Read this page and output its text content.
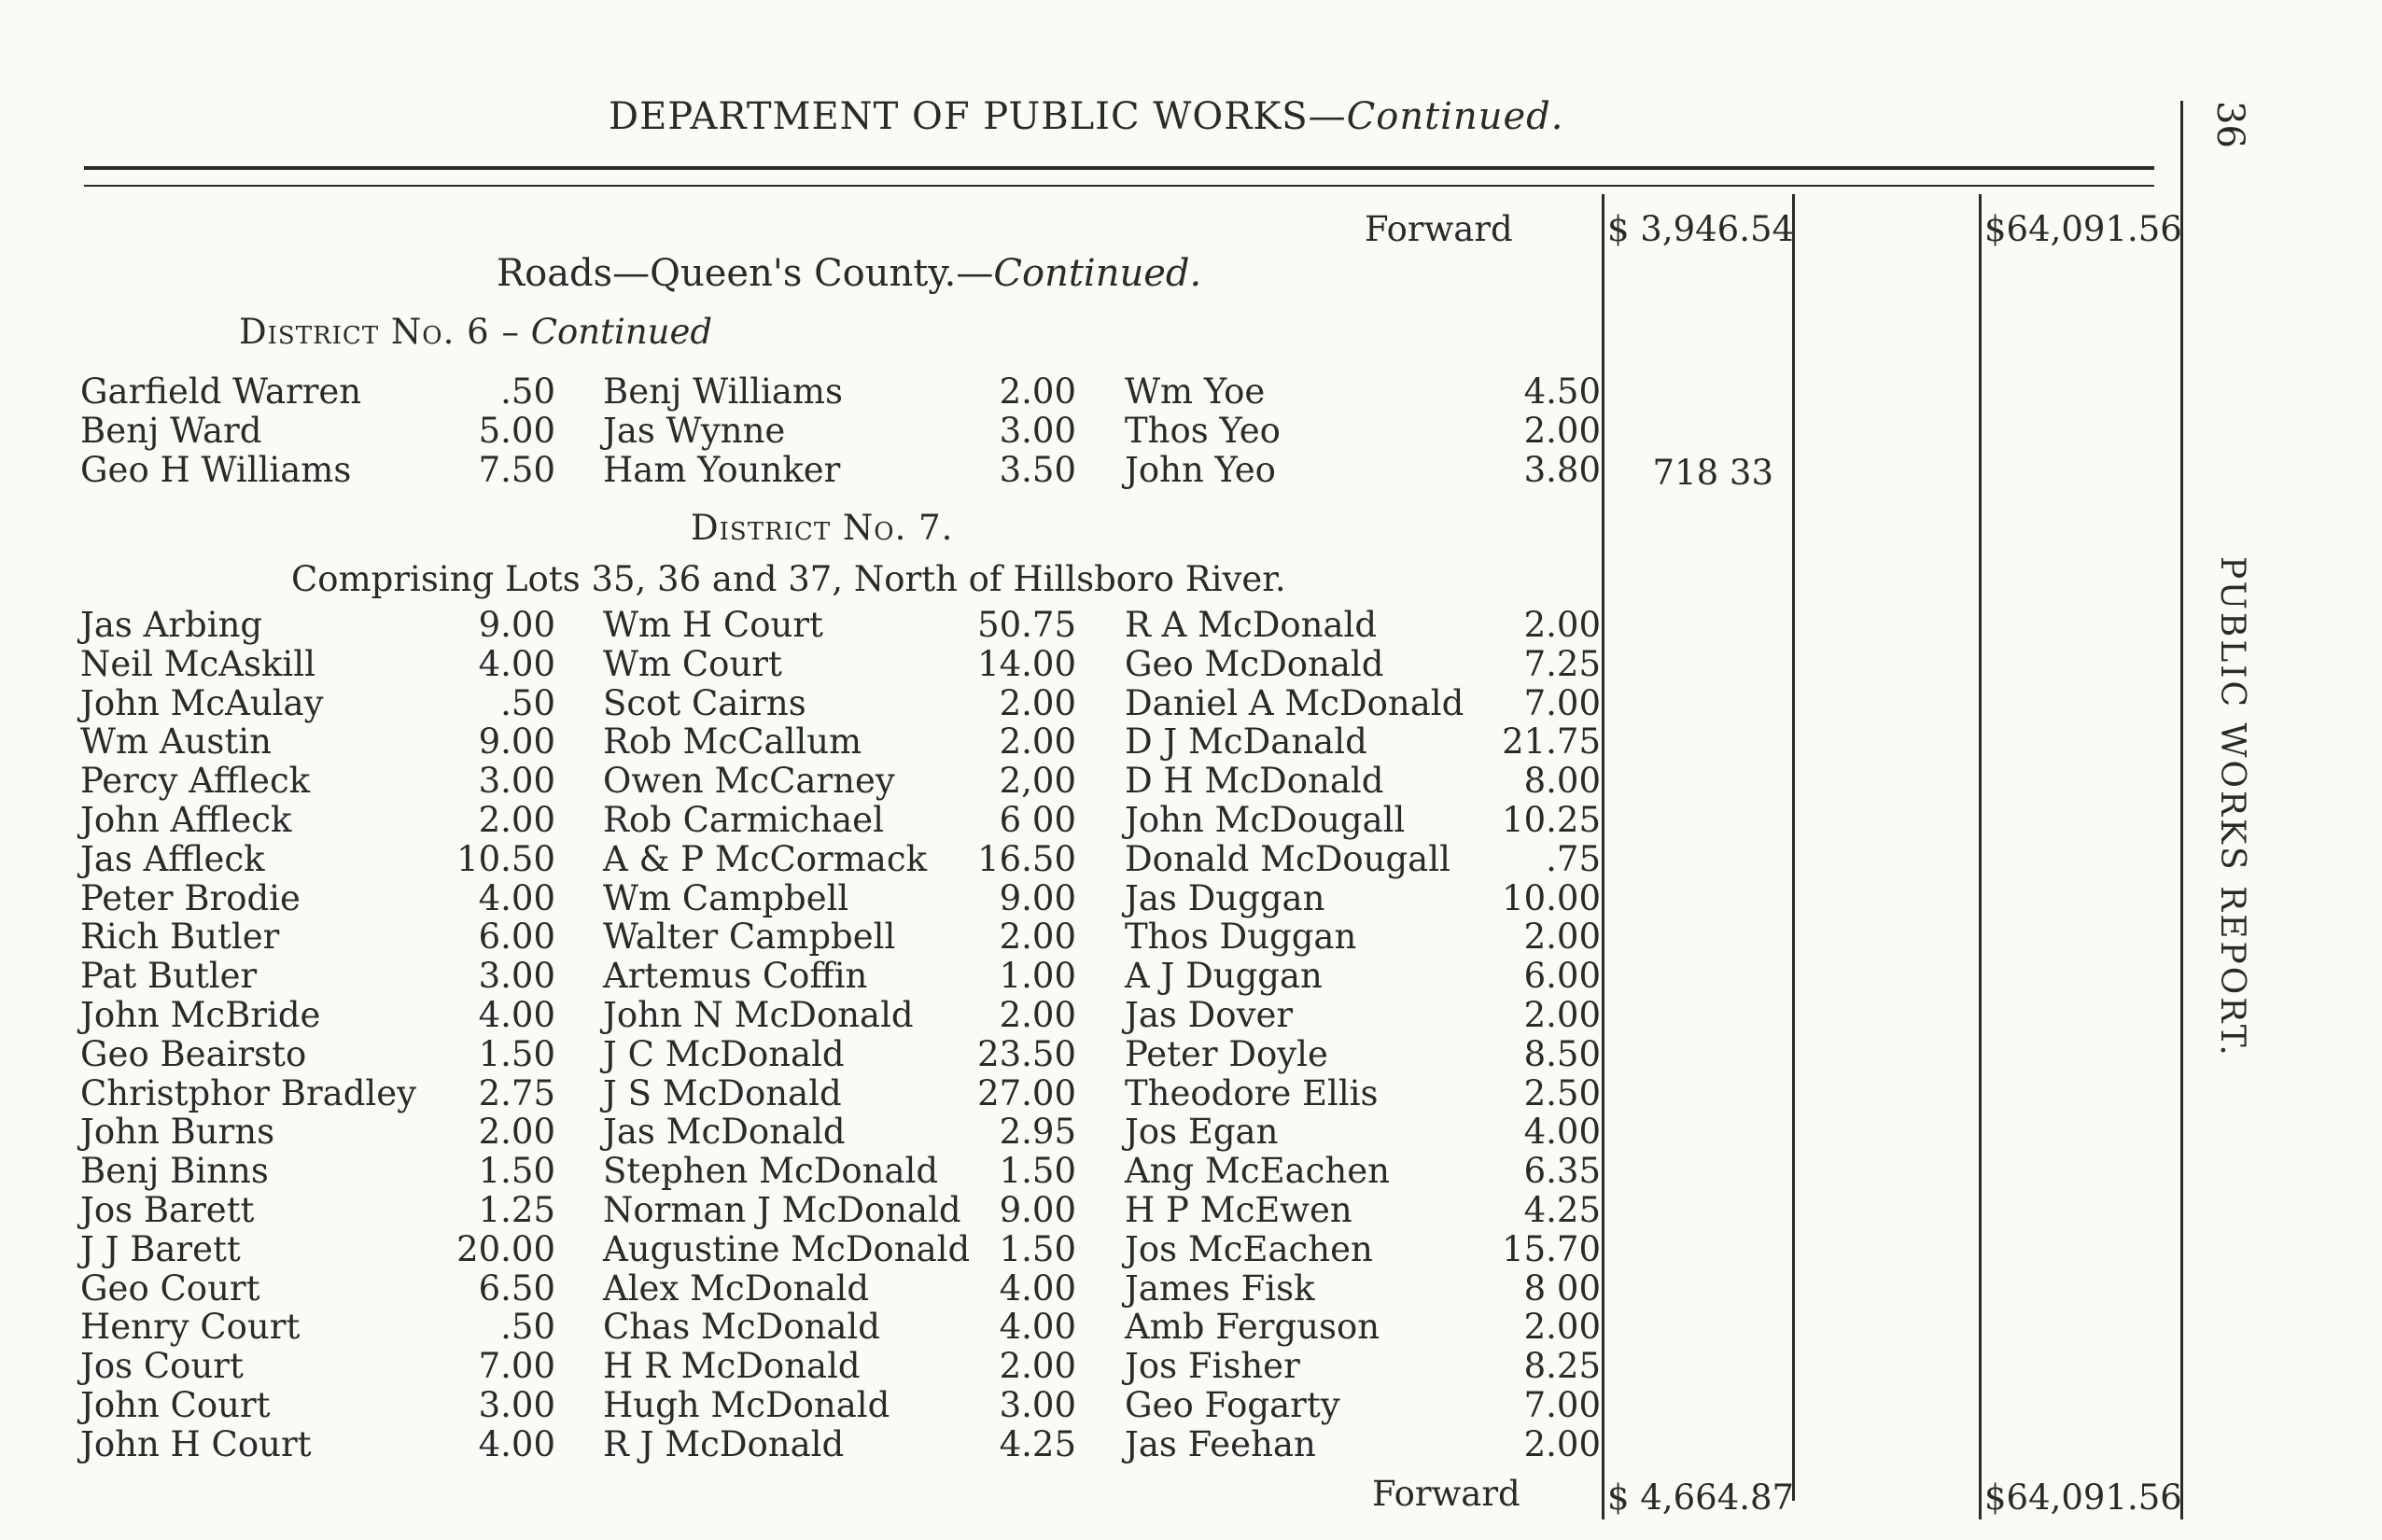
DEPARTMENT OF PUBLIC WORKS—Continued.	36
PUBLIC WORKS REPORT.
Forward	$ 3,946.54	$64,091.56
Roads—Queen's County.—Continued.
District No. 6 – Continued
Garfield Warren	.50 Benj Williams	2.00 Wm Yoe	4.50
Benj Ward	5.00 Jas Wynne	3.00 Thos Yeo	2.00
Geo H Williams	7.50 Ham Younker	3.50 John Yeo	3.80	718 33
District No. 7.
Comprising Lots 35, 36 and 37, North of Hillsboro River.
Jas Arbing	9.00 Wm H Court	50.75 R A McDonald	2.00
Neil McAskill	4.00 Wm Court	14.00 Geo McDonald	7.25
John McAulay	.50 Scot Cairns	2.00 Daniel A McDonald	7.00
Wm Austin	9.00 Rob McCallum	2.00 D J McDanald	21.75
Percy Affleck	3.00 Owen McCarney	2,00 D H McDonald	8.00
John Affleck	2.00 Rob Carmichael	6 00 John McDougall	10.25
Jas Affleck	10.50 A & P McCormack	16.50 Donald McDougall	.75
Peter Brodie	4.00 Wm Campbell	9.00 Jas Duggan	10.00
Rich Butler	6.00 Walter Campbell	2.00 Thos Duggan	2.00
Pat Butler	3.00 Artemus Coffin	1.00 A J Duggan	6.00
John McBride	4.00 John N McDonald	2.00 Jas Dover	2.00
Geo Beairsto	1.50 J C McDonald	23.50 Peter Doyle	8.50
Christphor Bradley	2.75 J S McDonald	27.00 Theodore Ellis	2.50
John Burns	2.00 Jas McDonald	2.95 Jos Egan	4.00
Benj Binns	1.50 Stephen McDonald	1.50 Ang McEachen	6.35
Jos Barett	1.25 Norman J McDonald	9.00 H P McEwen	4.25
J J Barett	20.00 Augustine McDonald 1.50 Jos McEachen	15.70
Geo Court	6.50 Alex McDonald	4.00 James Fisk	8 00
Henry Court	.50 Chas McDonald	4.00 Amb Ferguson	2.00
Jos Court	7.00 H R McDonald	2.00 Jos Fisher	8.25
John Court	3.00 Hugh McDonald	3.00 Geo Fogarty	7.00
John H Court	4.00 R J McDonald	4.25 Jas Feehan	2.00
Forward	$ 4,664.87	$64,091.56
